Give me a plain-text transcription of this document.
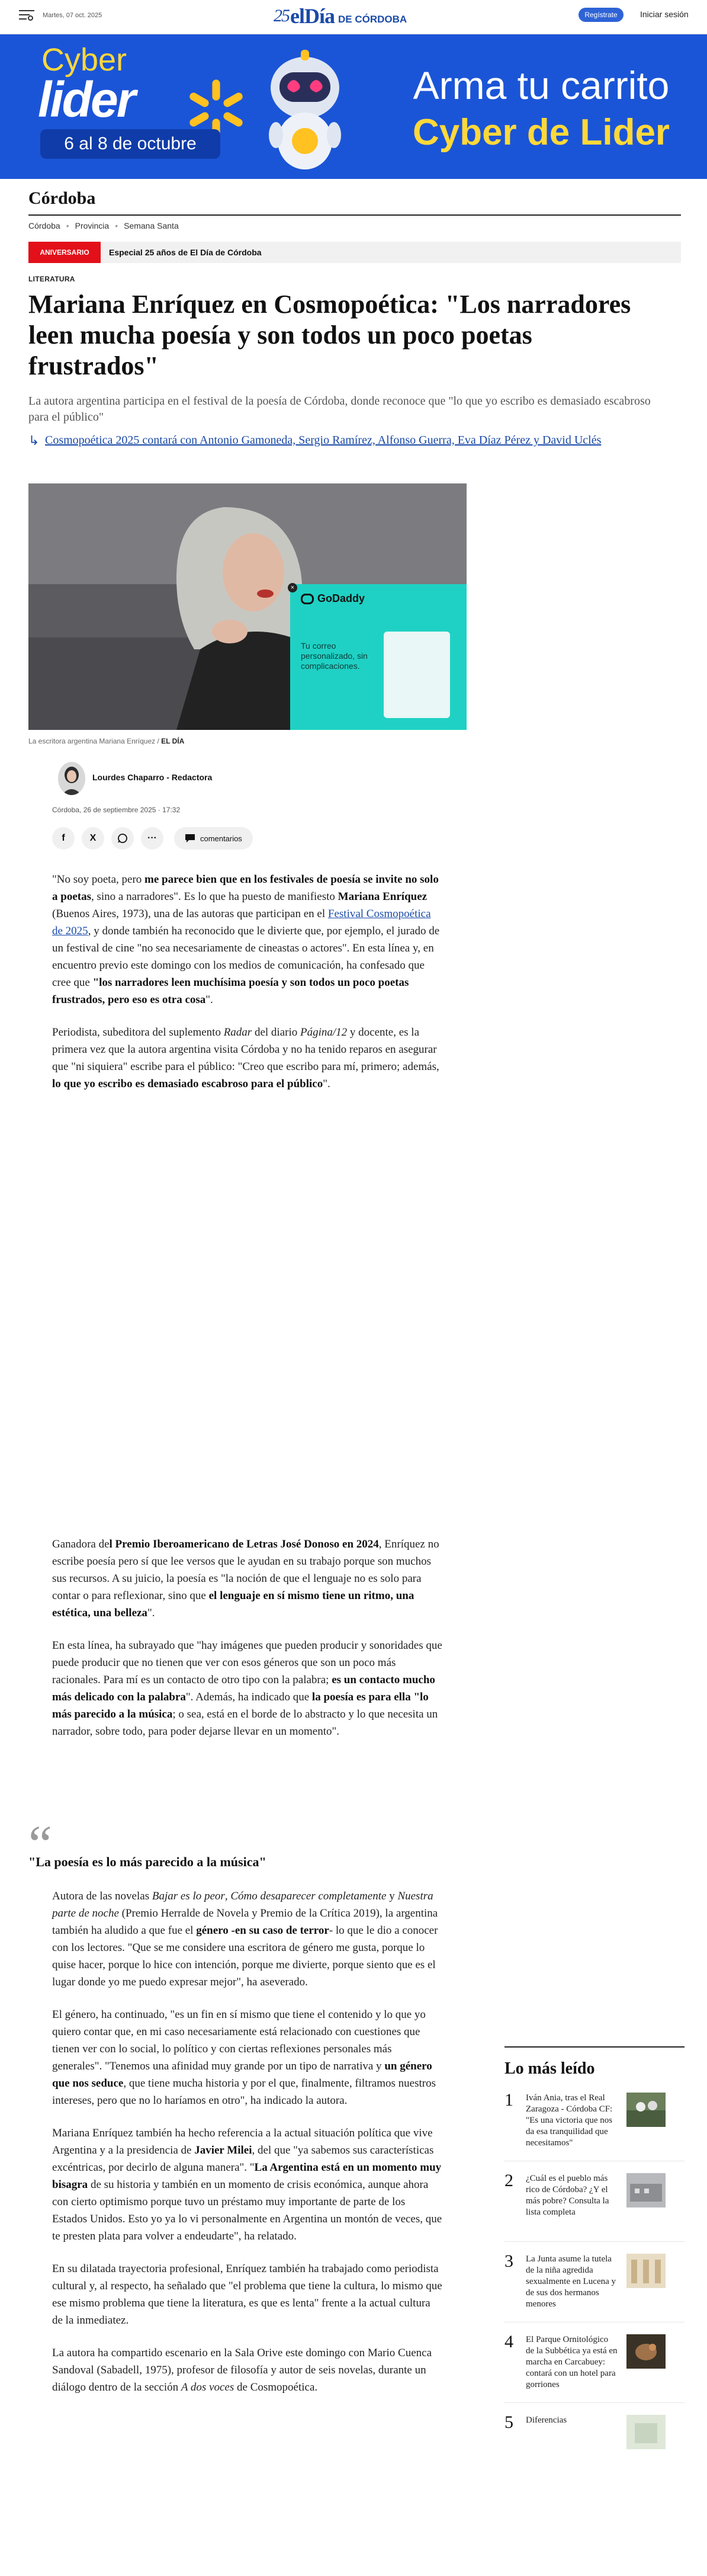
Martes, 07 oct. 2025	25 elDía DE CÓRDOBA	Regístrate	Iniciar sesión
Cyber
lider
6 al 8 de octubre
Arma tu carrito
Cyber de Lider
Córdoba
Córdoba • Provincia • Semana Santa
ANIVERSARIO	Especial 25 años de El Día de Córdoba
LITERATURA
Mariana Enríquez en Cosmopoética: "Los narradores leen mucha poesía y son todos un poco poetas frustrados"
La autora argentina participa en el festival de la poesía de Córdoba, donde reconoce que "lo que yo escribo es demasiado escabroso para el público"
↳ Cosmopoética 2025 contará con Antonio Gamoneda, Sergio Ramírez, Alfonso Guerra, Eva Díaz Pérez y David Uclés
×
GoDaddy
Tu correo
personalizado, sin
complicaciones.
La escritora argentina Mariana Enríquez / EL DÍA
Lourdes Chaparro - Redactora
Córdoba, 26 de septiembre 2025 · 17:32
f	X	···	comentarios

"No soy poeta, pero me parece bien que en los festivales de poesía se invite no solo a poetas, sino a narradores". Es lo que ha puesto de manifiesto Mariana Enríquez (Buenos Aires, 1973), una de las autoras que participan en el Festival Cosmopoética de 2025, y donde también ha reconocido que le divierte que, por ejemplo, el jurado de un festival de cine "no sea necesariamente de cineastas o actores". En esta línea y, en encuentro previo este domingo con los medios de comunicación, ha confesado que cree que "los narradores leen muchísima poesía y son todos un poco poetas frustrados, pero eso es otra cosa".

Periodista, subeditora del suplemento Radar del diario Página/12 y docente, es la primera vez que la autora argentina visita Córdoba y no ha tenido reparos en asegurar que "ni siquiera" escribe para el público: "Creo que escribo para mí, primero; además, lo que yo escribo es demasiado escabroso para el público".

Ganadora del Premio Iberoamericano de Letras José Donoso en 2024, Enríquez no escribe poesía pero sí que lee versos que le ayudan en su trabajo porque son muchos sus recursos. A su juicio, la poesía es "la noción de que el lenguaje no es solo para contar o para reflexionar, sino que el lenguaje en sí mismo tiene un ritmo, una estética, una belleza".

En esta línea, ha subrayado que "hay imágenes que pueden producir y sonoridades que puede producir que no tienen que ver con esos géneros que son un poco más racionales. Para mí es un contacto de otro tipo con la palabra; es un contacto mucho más delicado con la palabra". Además, ha indicado que la poesía es para ella "lo más parecido a la música; o sea, está en el borde de lo abstracto y lo que necesita un narrador, sobre todo, para poder dejarse llevar en un momento".

“
"La poesía es lo más parecido a la música"

Autora de las novelas Bajar es lo peor, Cómo desaparecer completamente y Nuestra parte de noche (Premio Herralde de Novela y Premio de la Crítica 2019), la argentina también ha aludido a que fue el género -en su caso de terror- lo que le dio a conocer con los lectores. "Que se me considere una escritora de género me gusta, porque lo quise hacer, porque lo hice con intención, porque me divierte, porque siento que es el lugar donde yo me puedo expresar mejor", ha aseverado.

El género, ha continuado, "es un fin en sí mismo que tiene el contenido y lo que yo quiero contar que, en mi caso necesariamente está relacionado con cuestiones que tienen ver con lo social, lo político y con ciertas reflexiones personales más generales". "Tenemos una afinidad muy grande por un tipo de narrativa y un género que nos seduce, que tiene mucha historia y por el que, finalmente, filtramos nuestros intereses, pero que no lo haríamos en otro", ha indicado la autora.

Mariana Enríquez también ha hecho referencia a la actual situación política que vive Argentina y a la presidencia de Javier Milei, del que "ya sabemos sus características excéntricas, por decirlo de alguna manera". "La Argentina está en un momento muy bisagra de su historia y también en un momento de crisis económica, aunque ahora con cierto optimismo porque tuvo un préstamo muy importante de parte de los Estados Unidos. Esto yo ya lo vi personalmente en Argentina un montón de veces, que te presten plata para volver a endeudarte", ha relatado.

En su dilatada trayectoria profesional, Enríquez también ha trabajado como periodista cultural y, al respecto, ha señalado que "el problema que tiene la cultura, lo mismo que ese mismo problema que tiene la literatura, es que es lenta" frente a la actual cultura de la inmediatez.

La autora ha compartido escenario en la Sala Orive este domingo con Mario Cuenca Sandoval (Sabadell, 1975), profesor de filosofía y autor de seis novelas, durante un diálogo dentro de la sección A dos voces de Cosmopoética.

Lo más leído
1 Iván Ania, tras el Real Zaragoza - Córdoba CF: "Es una victoria que nos da esa tranquilidad que necesitamos"
2 ¿Cuál es el pueblo más rico de Córdoba? ¿Y el más pobre? Consulta la lista completa
3 La Junta asume la tutela de la niña agredida sexualmente en Lucena y de sus dos hermanos menores
4 El Parque Ornitológico de la Subbética ya está en marcha en Carcabuey: contará con un hotel para gorriones
5 Diferencias
